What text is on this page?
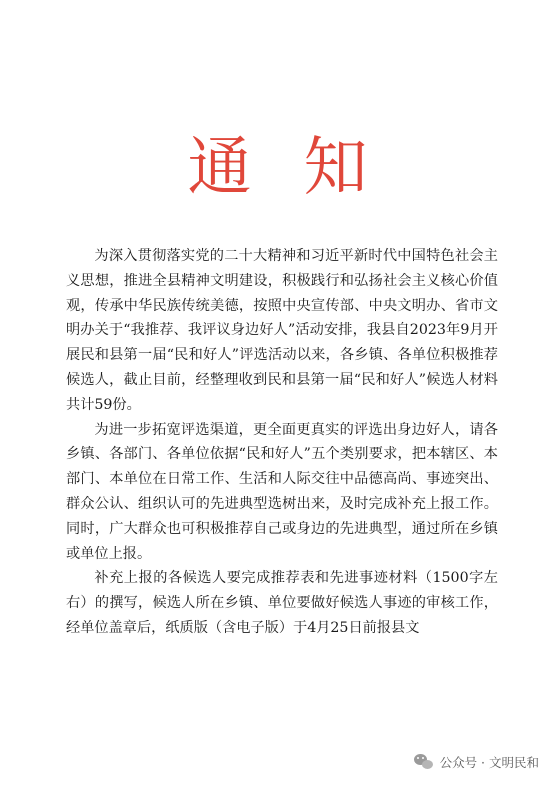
通知

为深入贯彻落实党的二十大精神和习近平新时代中国特色社会主义思想，推进全县精神文明建设，积极践行和弘扬社会主义核心价值观，传承中华民族传统美德，按照中央宣传部、中央文明办、省市文明办关于“我推荐、我评议身边好人”活动安排，我县自2023年9月开展民和县第一届“民和好人”评选活动以来，各乡镇、各单位积极推荐候选人，截止目前，经整理收到民和县第一届“民和好人”候选人材料共计59份。

为进一步拓宽评选渠道，更全面更真实的评选出身边好人，请各乡镇、各部门、各单位依据“民和好人”五个类别要求，把本辖区、本部门、本单位在日常工作、生活和人际交往中品德高尚、事迹突出、群众公认、组织认可的先进典型选树出来，及时完成补充上报工作。同时，广大群众也可积极推荐自己或身边的先进典型，通过所在乡镇或单位上报。

补充上报的各候选人要完成推荐表和先进事迹材料（1500字左右）的撰写，候选人所在乡镇、单位要做好候选人事迹的审核工作，经单位盖章后，纸质版（含电子版）于4月25日前报县文

公众号 · 文明民和
